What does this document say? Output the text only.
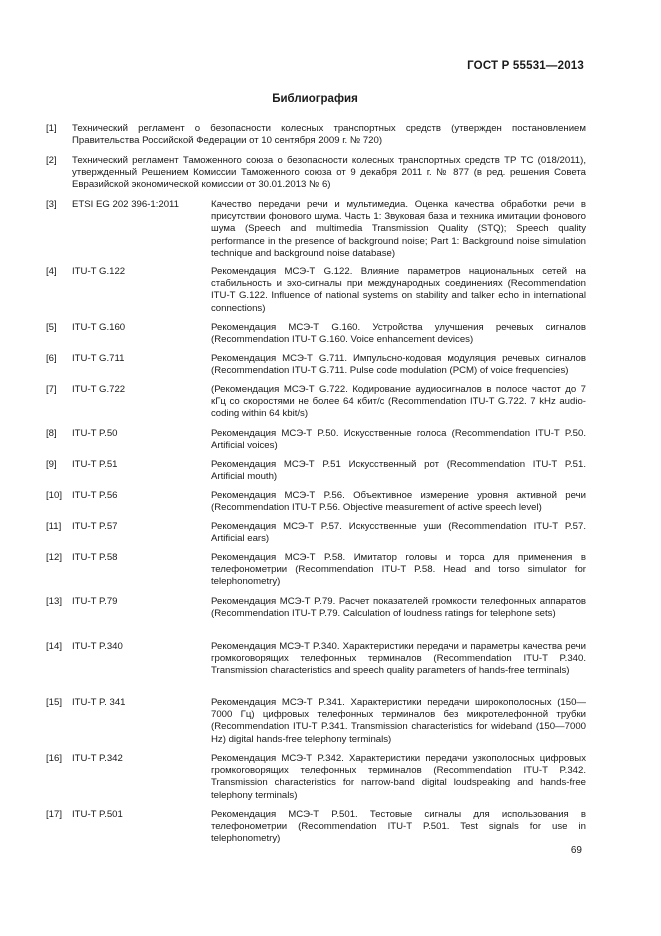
ГОСТ Р 55531—2013
Библиография
[1]	Технический регламент о безопасности колесных транспортных средств (утвержден постановлением Правительства Российской Федерации от 10 сентября 2009 г. № 720)
[2]	Технический регламент Таможенного союза о безопасности колесных транспортных средств ТР ТС (018/2011), утвержденный Решением Комиссии Таможенного союза от 9 декабря 2011 г. № 877 (в ред. решения Совета Евразийской экономической комиссии от 30.01.2013 № 6)
[3]	ETSI EG 202 396-1:2011	Качество передачи речи и мультимедиа. Оценка качества обработки речи в присутствии фонового шума. Часть 1: Звуковая база и техника имитации фонового шума (Speech and multimedia Transmission Quality (STQ); Speech quality performance in the presence of background noise; Part 1: Background noise simulation technique and background noise database)
[4]	ITU-T G.122	Рекомендация МСЭ-Т G.122. Влияние параметров национальных сетей на стабильность и эхо-сигналы при международных соединениях (Recommendation ITU-T G.122. Influence of national systems on stability and talker echo in international connections)
[5]	ITU-T G.160	Рекомендация МСЭ-Т G.160. Устройства улучшения речевых сигналов (Recommendation ITU-T G.160. Voice enhancement devices)
[6]	ITU-T G.711	Рекомендация МСЭ-Т G.711. Импульсно-кодовая модуляция речевых сигналов (Recommendation ITU-T G.711. Pulse code modulation (PCM) of voice frequencies)
[7]	ITU-T G.722	(Рекомендация МСЭ-Т G.722. Кодирование аудиосигналов в полосе частот до 7 кГц со скоростями не более 64 кбит/с (Recommendation ITU-T G.722. 7 kHz audio-coding within 64 kbit/s)
[8]	ITU-T P.50	Рекомендация МСЭ-Т P.50. Искусственные голоса (Recommendation ITU-T P.50. Artificial voices)
[9]	ITU-T P.51	Рекомендация МСЭ-Т P.51 Искусственный рот (Recommendation ITU-T P.51. Artificial mouth)
[10]	ITU-T P.56	Рекомендация МСЭ-Т P.56. Объективное измерение уровня активной речи (Recommendation ITU-T P.56. Objective measurement of active speech level)
[11]	ITU-T P.57	Рекомендация МСЭ-Т P.57. Искусственные уши (Recommendation ITU-T P.57. Artificial ears)
[12]	ITU-T P.58	Рекомендация МСЭ-Т P.58. Имитатор головы и торса для применения в телефонометрии (Recommendation ITU-T P.58. Head and torso simulator for telephonometry)
[13]	ITU-T P.79	Рекомендация МСЭ-Т P.79. Расчет показателей громкости телефонных аппаратов (Recommendation ITU-T P.79. Calculation of loudness ratings for telephone sets)
[14]	ITU-T P.340	Рекомендация МСЭ-Т P.340. Характеристики передачи и параметры качества речи громкоговорящих телефонных терминалов (Recommendation ITU-T P.340. Transmission characteristics and speech quality parameters of hands-free terminals)
[15]	ITU-T P. 341	Рекомендация МСЭ-Т P.341. Характеристики передачи широкополосных (150—7000 Гц) цифровых телефонных терминалов без микротелефонной трубки (Recommendation ITU-T P.341. Transmission characteristics for wideband (150—7000 Hz) digital hands-free telephony terminals)
[16]	ITU-T P.342	Рекомендация МСЭ-Т P.342. Характеристики передачи узкополосных цифровых громкоговорящих телефонных терминалов (Recommendation ITU-T P.342. Transmission characteristics for narrow-band digital loudspeaking and hands-free telephony terminals)
[17]	ITU-T P.501	Рекомендация МСЭ-Т P.501. Тестовые сигналы для использования в телефонометрии (Recommendation ITU-T P.501. Test signals for use in telephonometry)
69
